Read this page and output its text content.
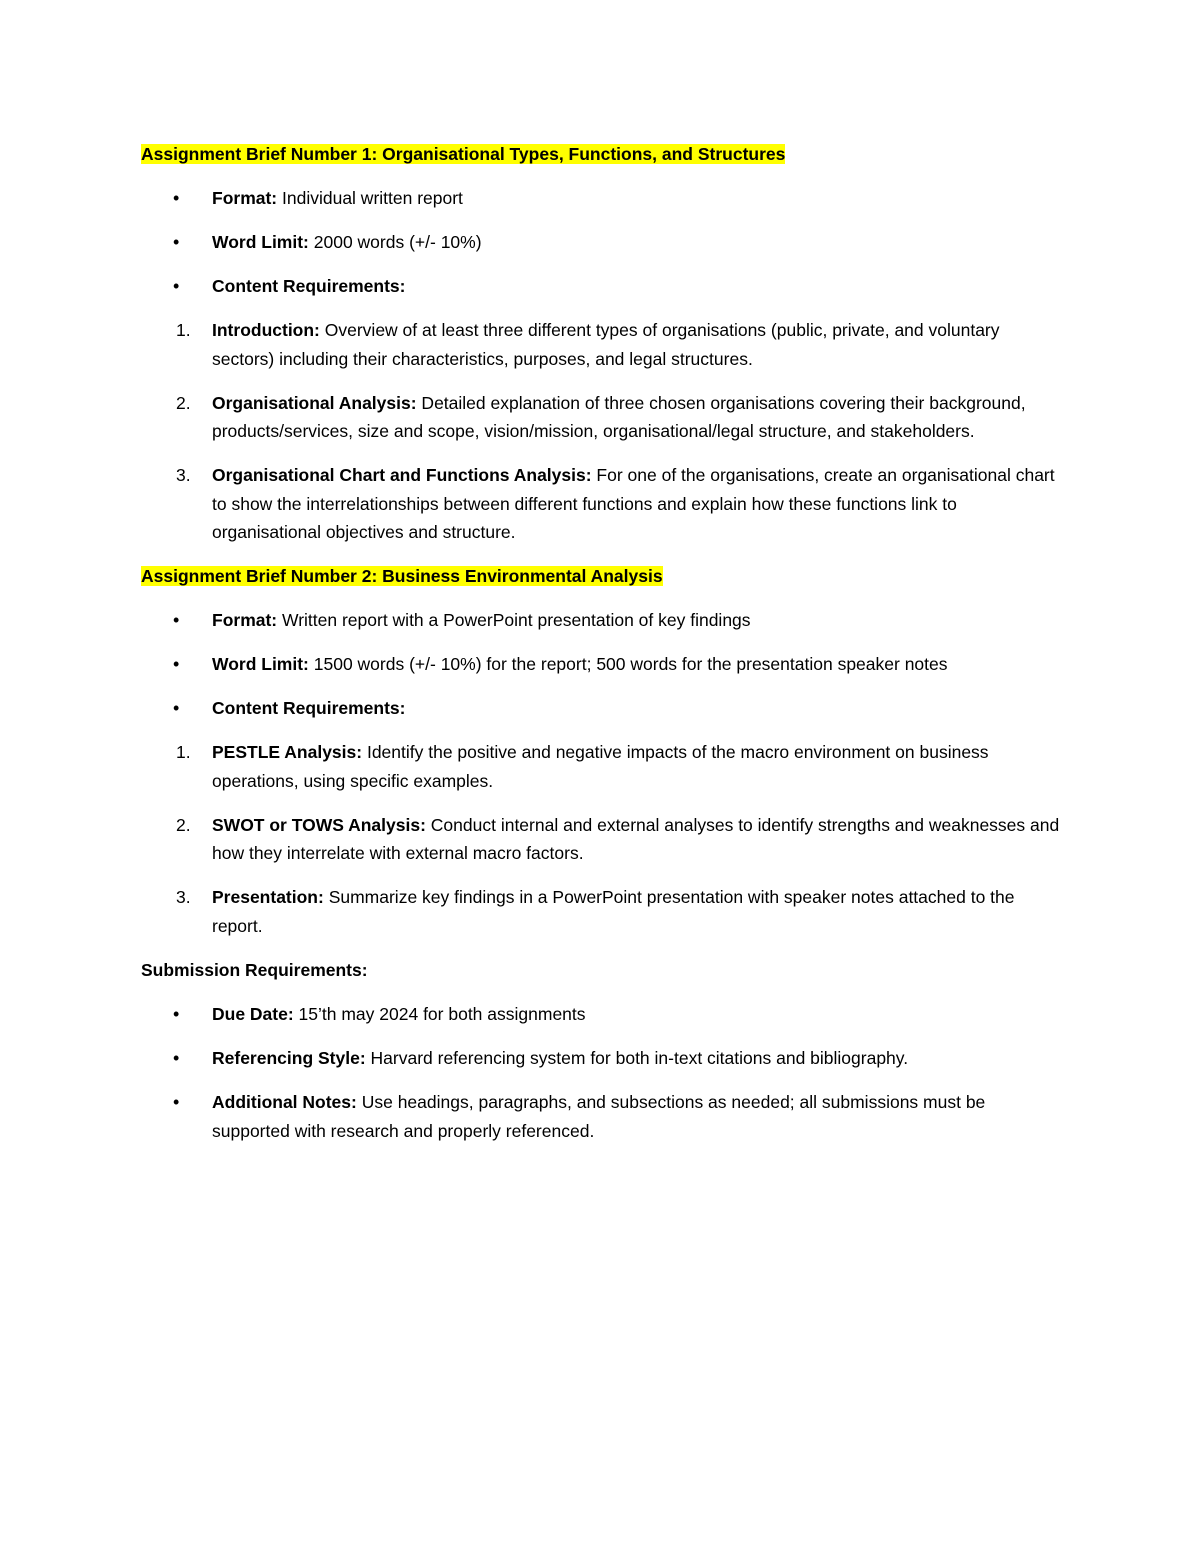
Assignment Brief Number 1: Organisational Types, Functions, and Structures
• Format: Individual written report
• Word Limit: 2000 words (+/- 10%)
• Content Requirements:
1. Introduction: Overview of at least three different types of organisations (public, private, and voluntary sectors) including their characteristics, purposes, and legal structures.
2. Organisational Analysis: Detailed explanation of three chosen organisations covering their background, products/services, size and scope, vision/mission, organisational/legal structure, and stakeholders.
3. Organisational Chart and Functions Analysis: For one of the organisations, create an organisational chart to show the interrelationships between different functions and explain how these functions link to organisational objectives and structure.
Assignment Brief Number 2: Business Environmental Analysis
• Format: Written report with a PowerPoint presentation of key findings
• Word Limit: 1500 words (+/- 10%) for the report; 500 words for the presentation speaker notes
• Content Requirements:
1. PESTLE Analysis: Identify the positive and negative impacts of the macro environment on business operations, using specific examples.
2. SWOT or TOWS Analysis: Conduct internal and external analyses to identify strengths and weaknesses and how they interrelate with external macro factors.
3. Presentation: Summarize key findings in a PowerPoint presentation with speaker notes attached to the report.
Submission Requirements:
• Due Date: 15’th may 2024 for both assignments
• Referencing Style: Harvard referencing system for both in-text citations and bibliography.
• Additional Notes: Use headings, paragraphs, and subsections as needed; all submissions must be supported with research and properly referenced.
